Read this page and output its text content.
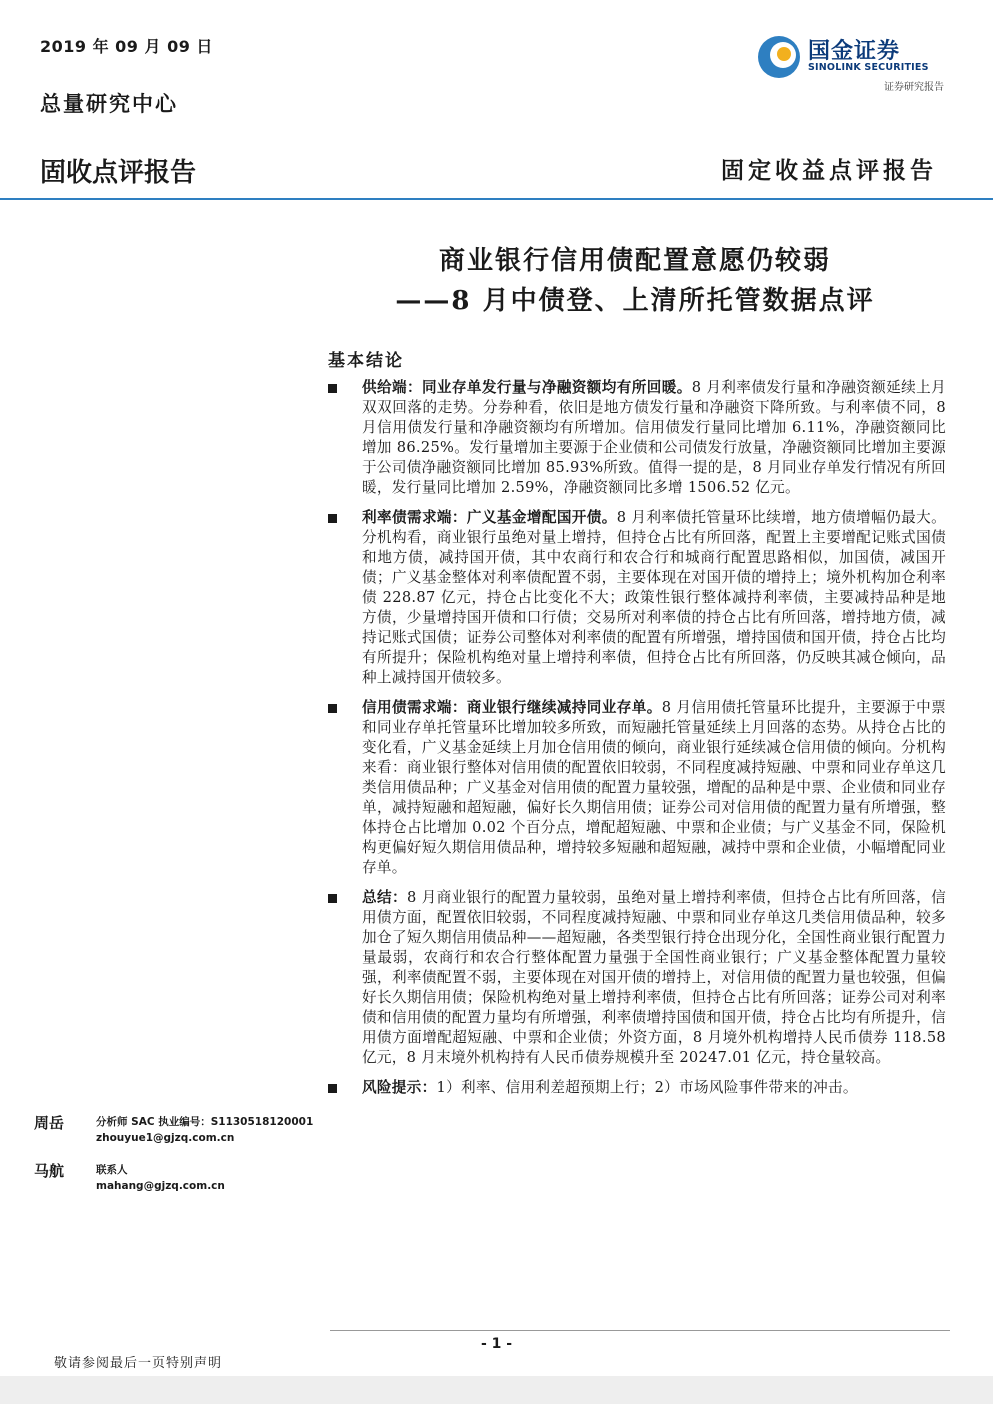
2019 年 09 月 09 日
总量研究中心
固收点评报告	固定收益点评报告
国金证券
SINOLINK SECURITIES
证券研究报告
商业银行信用债配置意愿仍较弱
——8 月中债登、上清所托管数据点评
基本结论
供给端：同业存单发行量与净融资额均有所回暖。8 月利率债发行量和净融资额延续上月双双回落的走势。分券种看，依旧是地方债发行量和净融资下降所致。与利率债不同，8 月信用债发行量和净融资额均有所增加。信用债发行量同比增加 6.11%，净融资额同比增加 86.25%。发行量增加主要源于企业债和公司债发行放量，净融资额同比增加主要源于公司债净融资额同比增加 85.93%所致。值得一提的是，8 月同业存单发行情况有所回暖，发行量同比增加 2.59%，净融资额同比多增 1506.52 亿元。
利率债需求端：广义基金增配国开债。8 月利率债托管量环比续增，地方债增幅仍最大。分机构看，商业银行虽绝对量上增持，但持仓占比有所回落，配置上主要增配记账式国债和地方债，减持国开债，其中农商行和农合行和城商行配置思路相似，加国债，减国开债；广义基金整体对利率债配置不弱，主要体现在对国开债的增持上；境外机构加仓利率债 228.87 亿元，持仓占比变化不大；政策性银行整体减持利率债，主要减持品种是地方债，少量增持国开债和口行债；交易所对利率债的持仓占比有所回落，增持地方债，减持记账式国债；证券公司整体对利率债的配置有所增强，增持国债和国开债，持仓占比均有所提升；保险机构绝对量上增持利率债，但持仓占比有所回落，仍反映其减仓倾向，品种上减持国开债较多。
信用债需求端：商业银行继续减持同业存单。8 月信用债托管量环比提升，主要源于中票和同业存单托管量环比增加较多所致，而短融托管量延续上月回落的态势。从持仓占比的变化看，广义基金延续上月加仓信用债的倾向，商业银行延续减仓信用债的倾向。分机构来看：商业银行整体对信用债的配置依旧较弱，不同程度减持短融、中票和同业存单这几类信用债品种；广义基金对信用债的配置力量较强，增配的品种是中票、企业债和同业存单，减持短融和超短融，偏好长久期信用债；证券公司对信用债的配置力量有所增强，整体持仓占比增加 0.02 个百分点，增配超短融、中票和企业债；与广义基金不同，保险机构更偏好短久期信用债品种，增持较多短融和超短融，减持中票和企业债，小幅增配同业存单。
总结：8 月商业银行的配置力量较弱，虽绝对量上增持利率债，但持仓占比有所回落，信用债方面，配置依旧较弱，不同程度减持短融、中票和同业存单这几类信用债品种，较多加仓了短久期信用债品种——超短融，各类型银行持仓出现分化，全国性商业银行配置力量最弱，农商行和农合行整体配置力量强于全国性商业银行；广义基金整体配置力量较强，利率债配置不弱，主要体现在对国开债的增持上，对信用债的配置力量也较强，但偏好长久期信用债；保险机构绝对量上增持利率债，但持仓占比有所回落；证券公司对利率债和信用债的配置力量均有所增强，利率债增持国债和国开债，持仓占比均有所提升，信用债方面增配超短融、中票和企业债；外资方面，8 月境外机构增持人民币债券 118.58 亿元，8 月末境外机构持有人民币债券规模升至 20247.01 亿元，持仓量较高。
风险提示：1）利率、信用利差超预期上行；2）市场风险事件带来的冲击。
周岳	分析师 SAC 执业编号：S1130518120001
zhouyue1@gjzq.com.cn
马航	联系人
mahang@gjzq.com.cn
- 1 -
敬请参阅最后一页特别声明
